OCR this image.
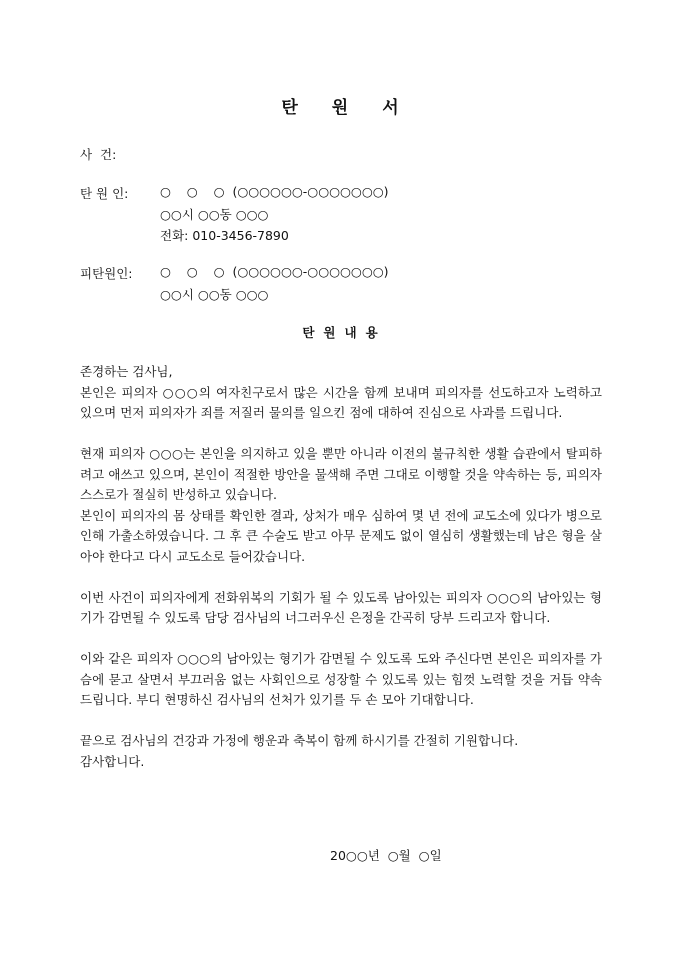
탄원서
사  건:
탄 원 인:	○    ○    ○  (○○○○○○-○○○○○○○)
○○시 ○○동 ○○○
전화: 010-3456-7890
피탄원인: ○    ○    ○  (○○○○○○-○○○○○○○)
○○시 ○○동 ○○○
탄원내용

존경하는 검사님,

본인은 피의자 ○○○의 여자친구로서 많은 시간을 함께 보내며 피의자를 선도하고자 노력하고 있으며 먼저 피의자가 죄를 저질러 물의를 일으킨 점에 대하여 진심으로 사과를 드립니다.

현재 피의자 ○○○는 본인을 의지하고 있을 뿐만 아니라 이전의 불규칙한 생활 습관에서 탈피하려고 애쓰고 있으며, 본인이 적절한 방안을 물색해 주면 그대로 이행할 것을 약속하는 등, 피의자 스스로가 절실히 반성하고 있습니다.

본인이 피의자의 몸 상태를 확인한 결과, 상처가 매우 심하여 몇 년 전에 교도소에 있다가 병으로 인해 가출소하였습니다. 그 후 큰 수술도 받고 아무 문제도 없이 열심히 생활했는데 남은 형을 살아야 한다고 다시 교도소로 들어갔습니다.

이번 사건이 피의자에게 전화위복의 기회가 될 수 있도록 남아있는 피의자 ○○○의 남아있는 형기가 감면될 수 있도록 담당 검사님의 너그러우신 은정을 간곡히 당부 드리고자 합니다.

이와 같은 피의자 ○○○의 남아있는 형기가 감면될 수 있도록 도와 주신다면 본인은 피의자를 가슴에 묻고 살면서 부끄러움 없는 사회인으로 성장할 수 있도록 있는 힘껏 노력할 것을 거듭 약속드립니다. 부디 현명하신 검사님의 선처가 있기를 두 손 모아 기대합니다.

끝으로 검사님의 건강과 가정에 행운과 축복이 함께 하시기를 간절히 기원합니다.

감사합니다.

20○○년  ○월  ○일
